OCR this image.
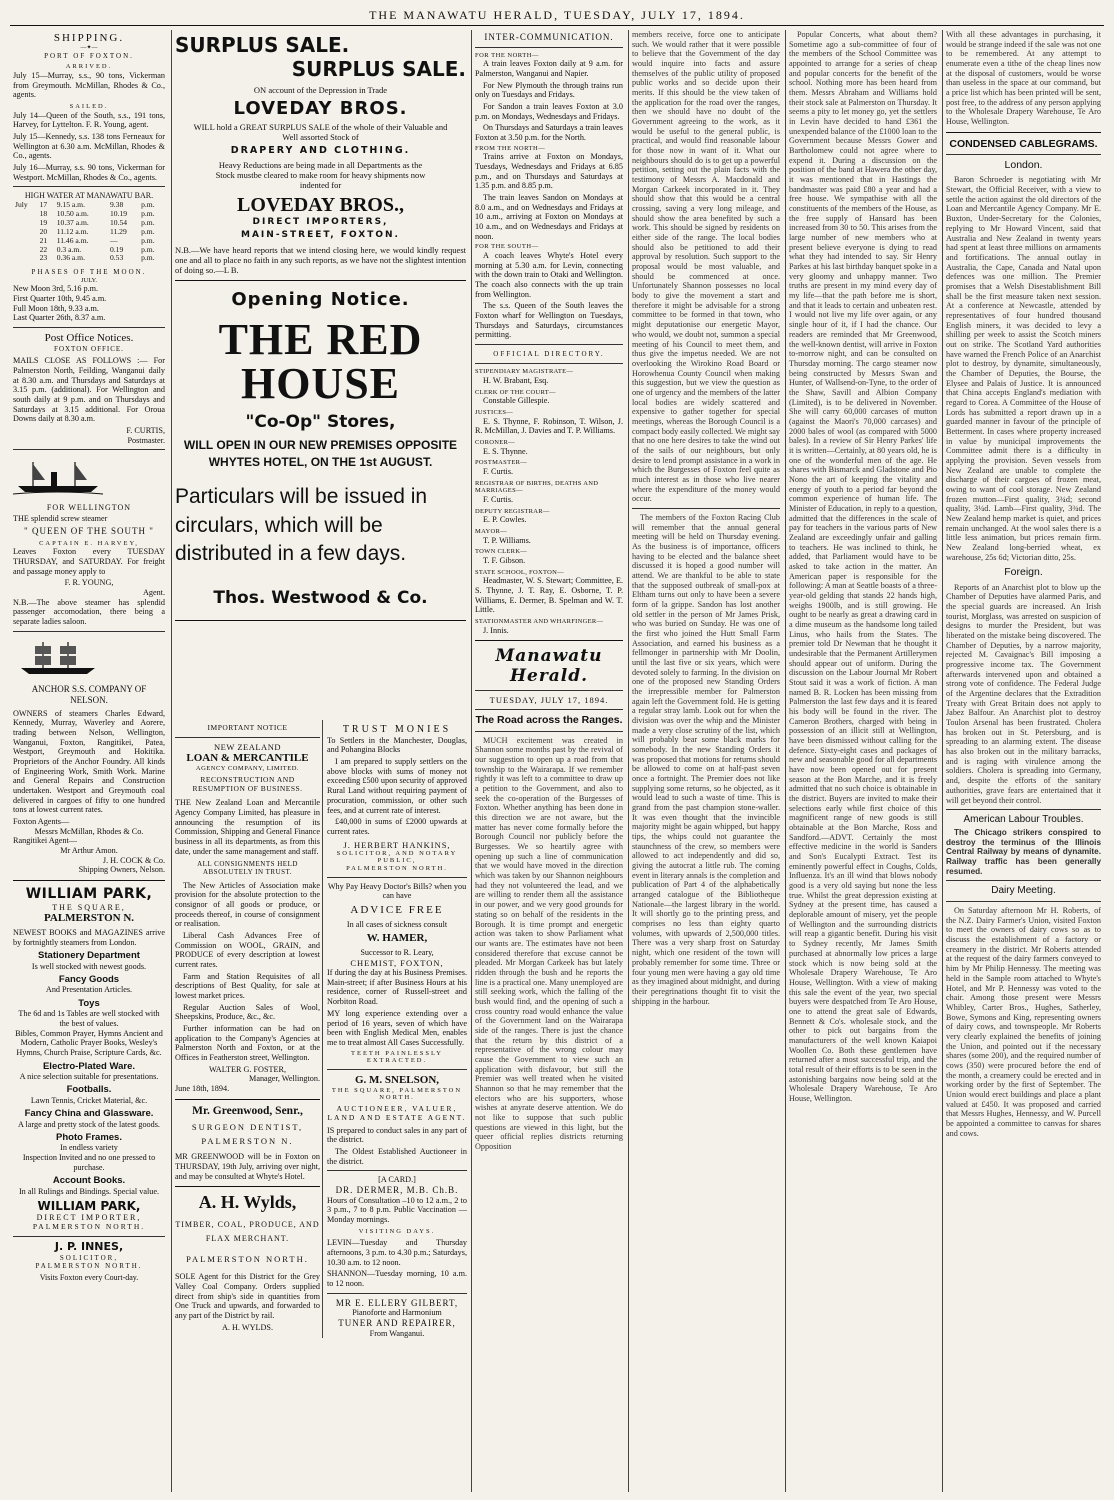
THE MANAWATU HERALD, TUESDAY, JULY 17, 1894.
SHIPPING.
—✦—
PORT OF FOXTON.
ARRIVED.

July 15—Murray, s.s., 90 tons, Vickerman from Greymouth. McMillan, Rhodes & Co., agents.

SAILED.

July 14—Queen of the South, s.s., 191 tons, Harvey, for Lyttelton. F. R. Young, agent.

July 15—Kennedy, s.s. 138 tons Ferneaux for Wellington at 6.30 a.m. McMillan, Rhodes & Co., agents.

July 16—Murray, s.s. 90 tons, Vickerman for Westport. McMillan, Rhodes & Co., agents.

HIGH WATER AT MANAWATU BAR.
July	17	9.15 a.m.	9.38	p.m.
	18	10.50 a.m.	10.19	p.m.
	19	10.37 a.m.	10.54	p.m.
	20	11.12 a.m.	11.29	p.m.
	21	11.46 a.m.	—	p.m.
	22	0.3 a.m.	0.19	p.m.
	23	0.36 a.m.	0.53	p.m.
PHASES OF THE MOON.
JULY.
New Moon 3rd, 5.16 p.m.
First Quarter 10th, 9.45 a.m.
Full Moon 18th, 9.33 a.m.
Last Quarter 26th, 8.37 a.m.
Post Office Notices.
FOXTON OFFICE.

MAILS CLOSE AS FOLLOWS :— For Palmerston North, Feilding, Wanganui daily at 8.30 a.m. and Thursdays and Saturdays at 3.15 p.m. (additional). For Wellington and south daily at 9 p.m. and on Thursdays and Saturdays at 3.15 additional. For Oroua Downs daily at 8.30 a.m.

F. CURTIS,
Postmaster.
FOR WELLINGTON

THE splendid screw steamer

" QUEEN OF THE SOUTH "
CAPTAIN E. HARVEY,

Leaves Foxton every TUESDAY THURSDAY, and SATURDAY. For freight and passage money apply to

F. R. YOUNG,
Agent.

N.B.—The above steamer has splendid passenger accomodation, there being a separate ladies saloon.

ANCHOR S.S. COMPANY OF NELSON.

OWNERS of steamers Charles Edward, Kennedy, Murray, Waverley and Aorere, trading between Nelson, Wellington, Wanganui, Foxton, Rangitikei, Patea, Westport, Greymouth and Hokitika. Proprietors of the Anchor Foundry. All kinds of Engineering Work, Smith Work. Marine and General Repairs and Construction undertaken. Westport and Greymouth coal delivered in cargoes of fifty to one hundred tons at lowest current rates.

Foxton Agents—
Messrs McMillan, Rhodes & Co.
Rangitikei Agent—
Mr Arthur Amon.
J. H. COCK & Co.
Shipping Owners, Nelson.
WILLIAM PARK,
THE SQUARE,
PALMERSTON N.

NEWEST BOOKS and MAGAZINES arrive by fortnightly steamers from London.

Stationery Department
Is well stocked with newest goods.
Fancy Goods
And Presentation Articles.
Toys
The 6d and 1s Tables are well stocked with the best of values.
Bibles, Common Prayer, Hymns Ancient and Modern, Catholic Prayer Books, Wesley's Hymns, Church Praise, Scripture Cards, &c.
Electro-Plated Ware.
A nice selection suitable for presentations.
Footballs.
Lawn Tennis, Cricket Material, &c.
Fancy China and Glassware.
A large and pretty stock of the latest goods.
Photo Frames.
In endless variety
Inspection Invited and no one pressed to purchase.
Account Books.
In all Rulings and Bindings. Special value.
WILLIAM PARK,
DIRECT IMPORTER,
PALMERSTON NORTH.
J. P. INNES,
SOLICITOR,
PALMERSTON NORTH.
Visits Foxton every Court-day.
SURPLUS SALE.
SURPLUS SALE.
ON account of the Depression in Trade
LOVEDAY BROS.
WILL hold a GREAT SURPLUS SALE of the whole of their Valuable and Well assorted Stock of
DRAPERY AND CLOTHING.
Heavy Reductions are being made in all Departments as the Stock mustbe cleared to make room for heavy shipments now indented for
LOVEDAY BROS.,
DIRECT IMPORTERS,
MAIN-STREET, FOXTON.
N.B.—We have heard reports that we intend closing here, we would kindly request one and all to place no faith in any such reports, as we have not the slightest intention of doing so.—L B.
Opening Notice.
THE RED HOUSE
"Co-Op" Stores,
WILL OPEN IN OUR NEW PREMISES OPPOSITE
WHYTES HOTEL, ON THE 1st AUGUST.
Particulars will be issued in circulars, which will be distributed in a few days.
Thos. Westwood & Co.
IMPORTANT NOTICE
NEW ZEALAND
LOAN & MERCANTILE
AGENCY COMPANY, LIMITED.
RECONSTRUCTION AND RESUMPTION OF BUSINESS.

THE New Zealand Loan and Mercantile Agency Company Limited, has pleasure in announcing the resumption of its Commission, Shipping and General Finance business in all its departments, as from this date, under the same management and staff.

ALL CONSIGNMENTS HELD ABSOLUTELY IN TRUST.

The New Articles of Association make provision for the absolute protection to the consignor of all goods or produce, or proceeds thereof, in course of consignment or realisation.

Liberal Cash Advances Free of Commission on WOOL, GRAIN, and PRODUCE of every description at lowest current rates.

Farm and Station Requisites of all descriptions of Best Quality, for sale at lowest market prices.

Regular Auction Sales of Wool, Sheepskins, Produce, &c., &c.

Further information can be had on application to the Company's Agencies at Palmerston North and Foxton, or at the Offices in Featherston street, Wellington.

WALTER G. FOSTER,
Manager, Wellington.
June 18th, 1894.
Mr. Greenwood, Senr.,
SURGEON DENTIST,
PALMERSTON N.

MR GREENWOOD will be in Foxton on THURSDAY, 19th July, arriving over night, and may be consulted at Whyte's Hotel.

A. H. Wylds,
TIMBER, COAL, PRODUCE, AND FLAX MERCHANT.
PALMERSTON NORTH.

SOLE Agent for this District for the Grey Valley Coal Company. Orders supplied direct from ship's side in quantities from One Truck and upwards, and forwarded to any part of the District by rail.

A. H. WYLDS.
TRUST MONIES

To Settlers in the Manchester, Douglas, and Pohangina Blocks

I am prepared to supply settlers on the above blocks with sums of money not exceeding £500 upon security of approved Rural Land without requiring payment of procuration, commission, or other such fees, and at current rate of interest.

£40,000 in sums of £2000 upwards at current rates.

J. HERBERT HANKINS,
SOLICITOR, AND NOTARY PUBLIC,
PALMERSTON NORTH.
Why Pay Heavy Doctor's Bills? when you can have
ADVICE FREE
In all cases of sickness consult
W. HAMER,
Successor to R. Leary,
CHEMIST, FOXTON,

If during the day at his Business Premises. Main-street; if after Business Hours at his residence, corner of Russell-street and Norbiton Road.

MY long experience extending over a period of 16 years, seven of which have been with English Medical Men, enables me to treat almost All Cases Successfully.

TEETH PAINLESSLY EXTRACTED.
G. M. SNELSON,
THE SQUARE, PALMERSTON NORTH.
AUCTIONEER, VALUER, LAND AND ESTATE AGENT.

IS prepared to conduct sales in any part of the district.

The Oldest Established Auctioneer in the district.

[A CARD.]
DR. DERMER, M.B. Ch.B.

Hours of Consultation –10 to 12 a.m., 2 to 3 p.m., 7 to 8 p.m. Public Vaccination — Monday mornings.

VISITING DAYS.

LEVIN—Tuesday and Thursday afternoons, 3 p.m. to 4.30 p.m.; Saturdays, 10.30 a.m. to 12 noon.

SHANNON—Tuesday morning, 10 a.m. to 12 noon.

MR E. ELLERY GILBERT,
Pianoforte and Harmonium
TUNER AND REPAIRER,
From Wanganui.
INTER-COMMUNICATION.
FOR THE NORTH—

A train leaves Foxton daily at 9 a.m. for Palmerston, Wanganui and Napier.

For New Plymouth the through trains run only on Tuesdays and Fridays.

For Sandon a train leaves Foxton at 3.0 p.m. on Mondays, Wednesdays and Fridays.

On Thursdays and Saturdays a train leaves Foxton at 3.50 p.m. for the North.

FROM THE NORTH—

Trains arrive at Foxton on Mondays, Tuesdays, Wednesdays and Fridays at 6.85 p.m., and on Thursdays and Saturdays at 1.35 p.m. and 8.85 p.m.

The train leaves Sandon on Mondays at 8.0 a.m., and on Wednesdays and Fridays at 10 a.m., arriving at Foxton on Mondays at 10 a.m., and on Wednesdays and Fridays at noon.

FOR THE SOUTH—

A coach leaves Whyte's Hotel every morning at 5.30 a.m. for Levin, connecting with the down train to Otaki and Wellington. The coach also connects with the up train from Wellington.

The s.s. Queen of the South leaves the Foxton wharf for Wellington on Tuesdays, Thursdays and Saturdays, circumstances permitting.

OFFICIAL DIRECTORY.
STIPENDIARY MAGISTRATE—

H. W. Brabant, Esq.

CLERK OF THE COURT—

Constable Gillespie.

JUSTICES—

E. S. Thynne, F. Robinson, T. Wilson, J. R. McMillan, J. Davies and T. P. Williams.

CORONER—

E. S. Thynne.

POSTMASTER—

F. Curtis.

REGISTRAR OF BIRTHS, DEATHS AND MARRIAGES—

F. Curtis.

DEPUTY REGISTRAR—

E. P. Cowles.

MAYOR—

T. P. Williams.

TOWN CLERK—

T. F. Gibson.

STATE SCHOOL, FOXTON—

Headmaster, W. S. Stewart; Committee, E. S. Thynne, J. T. Ray, E. Osborne, T. P. Williams, E. Dermer, B. Spelman and W. T. Little.

STATIONMASTER AND WHARFINGER—

J. Innis.

Manawatu Herald.
TUESDAY, JULY 17, 1894.
The Road across the Ranges.

MUCH excitement was created in Shannon some months past by the revival of our suggestion to open up a road from that township to the Wairarapa. If we remember rightly it was left to a committee to draw up a petition to the Government, and also to seek the co-operation of the Burgesses of Foxton. Whether anything has been done in this direction we are not aware, but the matter has never come formally before the Borough Council nor publicly before the Burgesses. We so heartily agree with opening up such a line of communication that we would have moved in the direction which was taken by our Shannon neighbours had they not volunteered the lead, and we are willing to render them all the assistance in our power, and we very good grounds for stating so on behalf of the residents in the Borough. It is time prompt and energetic action was taken to show Parliament what our wants are. The estimates have not been considered therefore that excuse cannot be pleaded. Mr Morgan Carkeek has but lately ridden through the bush and he reports the line is a practical one. Many unemployed are still seeking work, which the falling of the bush would find, and the opening of such a cross country road would enhance the value of the Government land on the Wairarapa side of the ranges. There is just the chance that the return by this district of a representative of the wrong colour may cause the Government to view such an application with disfavour, but still the Premier was well treated when he visited Shannon so that he may remember that the electors who are his supporters, whose wishes at anyrate deserve attention. We do not like to suppose that such public questions are viewed in this light, but the queer official replies districts returning Opposition

members receive, force one to anticipate such. We would rather that it were possible to believe that the Government of the day would inquire into facts and assure themselves of the public utility of proposed public works and so decide upon their merits. If this should be the view taken of the application for the road over the ranges, then we should have no doubt of the Government agreeing to the work, as it would be useful to the general public, is practical, and would find reasonable labour for those now in want of it. What our neighbours should do is to get up a powerful petition, setting out the plain facts with the testimony of Messrs A. Macdonald and Morgan Carkeek incorporated in it. They should show that this would be a central crossing, saving a very long mileage, and should show the area benefited by such a work. This should be signed by residents on either side of the range. The local bodies should also be petitioned to add their approval by resolution. Such support to the proposal would be most valuable, and should be commenced at once. Unfortunately Shannon possesses no local body to give the movement a start and therefore it might be advisable for a strong committee to be formed in that town, who might deputationise our energetic Mayor, who would, we doubt not, summon a special meeting of his Council to meet them, and thus give the impetus needed. We are not overlooking the Wirokino Road Board or Horowhenua County Council when making this suggestion, but we view the question as one of urgency and the members of the latter local bodies are widely scattered and expensive to gather together for special meetings, whereas the Borough Council is a compact body easily collected. We might say that no one here desires to take the wind out of the sails of our neighbours, but only desire to lend prompt assistance in a work in which the Burgesses of Foxton feel quite as much interest as in those who live nearer where the expenditure of the money would occur.

The members of the Foxton Racing Club will remember that the annual general meeting will be held on Thursday evening. As the business is of importance, officers having to be elected and the balance sheet discussed it is hoped a good number will attend. We are thankful to be able to state that the supposed outbreak of small-pox at Eltham turns out only to have been a severe form of la grippe. Sandon has lost another old settler in the person of Mr James Prisk, who was buried on Sunday. He was one of the first who joined the Hutt Small Farm Association, and earned his business as a fellmonger in partnership with Mr Doolin, until the last five or six years, which were devoted solely to farming. In the division on one of the proposed new Standing Orders the irrepressible member for Palmerston again left the Government fold. He is getting a regular stray lamb. Look out for when the division was over the whip and the Minister made a very close scrutiny of the list, which will probably bear some black marks for somebody. In the new Standing Orders it was proposed that motions for returns should be allowed to come on at half-past seven once a fortnight. The Premier does not like supplying some returns, so he objected, as it would lead to such a waste of time. This is grand from the past champion stone-waller. It was even thought that the invincible majority might be again whipped, but happy tips, the whips could not guarantee the staunchness of the crew, so members were allowed to act independently and did so, giving the autocrat a little rub. The coming event in literary annals is the completion and publication of Part 4 of the alphabetically arranged catalogue of the Bibliotheque Nationale—the largest library in the world. It will shortly go to the printing press, and comprises no less than eighty quarto volumes, with upwards of 2,500,000 titles. There was a very sharp frost on Saturday night, which one resident of the town will probably remember for some time. Three or four young men were having a gay old time as they imagined about midnight, and during their peregrinations thought fit to visit the shipping in the harbour.

Popular Concerts, what about them? Sometime ago a sub-committee of four of the members of the School Committee was appointed to arrange for a series of cheap and popular concerts for the benefit of the school. Nothing more has been heard from them. Messrs Abraham and Williams hold their stock sale at Palmerston on Thursday. It seems a pity to let money go, yet the settlers in Levin have decided to hand £361 the unexpended balance of the £1000 loan to the Government because Messrs Gower and Bartholomew could not agree where to expend it. During a discussion on the position of the band at Hawera the other day, it was mentioned that in Hastings the bandmaster was paid £80 a year and had a free house. We sympathise with all the constituents of the members of the House, as the free supply of Hansard has been increased from 30 to 50. This arises from the large number of new members who at present believe everyone is dying to read what they had intended to say. Sir Henry Parkes at his last birthday banquet spoke in a very gloomy and unhappy manner. Two truths are present in my mind every day of my life—that the path before me is short, and that it leads to certain and unbeaten rest. I would not live my life over again, or any single hour of it, if I had the chance. Our readers are reminded that Mr Greenwood, the well-known dentist, will arrive in Foxton to-morrow night, and can be consulted on Thursday morning. The cargo steamer now being constructed by Messrs Swan and Hunter, of Wallsend-on-Tyne, to the order of the Shaw, Savill and Albion Company (Limited), is to be delivered in November. She will carry 60,000 carcases of mutton (against the Maori's 70,000 carcases) and 2000 bales of wool (as compared with 5000 bales). In a review of Sir Henry Parkes' life it is written—Certainly, at 80 years old, he is one of the wonderful men of the age. He shares with Bismarck and Gladstone and Pio Nono the art of keeping the vitality and energy of youth to a period far beyond the common experience of human life. The Minister of Education, in reply to a question, admitted that the differences in the scale of pay for teachers in the various parts of New Zealand are exceedingly unfair and galling to teachers. He was inclined to think, he added, that Parliament would have to be asked to take action in the matter. An American paper is responsible for the following: A man at Seattle boasts of a three-year-old gelding that stands 22 hands high, weighs 1900lb, and is still growing. He ought to be nearly as great a drawing card in a dime museum as the handsome long tailed Linus, who hails from the States. The premier told Dr Newman that he thought it undesirable that the Permanent Artillerymen should appear out of uniform. During the discussion on the Labour Journal Mr Robert Stout said it was a work of fiction. A man named B. R. Locken has been missing from Palmerston the last few days and it is feared his body will be found in the river. The Cameron Brothers, charged with being in possession of an illicit still at Wellington, have been dismissed without calling for the defence. Sixty-eight cases and packages of new and seasonable good for all departments have now been opened out for present season at the Bon Marche, and it is freely admitted that no such choice is obtainable in the district. Buyers are invited to make their selections early while first choice of this magnificent range of new goods is still obtainable at the Bon Marche, Ross and Sandford.—ADVT. Certainly the most effective medicine in the world is Sanders and Son's Eucalypti Extract. Test its eminently powerful effect in Coughs, Colds, Influenza. It's an ill wind that blows nobody good is a very old saying but none the less true. Whilst the great depression existing at Sydney at the present time, has caused a deplorable amount of misery, yet the people of Wellington and the surrounding districts will reap a gigantic benefit. During his visit to Sydney recently, Mr James Smith purchased at abnormally low prices a large stock which is now being sold at the Wholesale Drapery Warehouse, Te Aro House, Wellington. With a view of making this sale the event of the year, two special buyers were despatched from Te Aro House, one to attend the great sale of Edwards, Bennett & Co's. wholesale stock, and the other to pick out bargains from the manufacturers of the well known Kaiapoi Woollen Co. Both these gentlemen have returned after a most successful trip, and the total result of their efforts is to be seen in the astonishing bargains now being sold at the Wholesale Drapery Warehouse, Te Aro House, Wellington.

With all these advantages in purchasing, it would be strange indeed if the sale was not one to be remembered. At any attempt to enumerate even a tithe of the cheap lines now at the disposal of customers, would be worse than useless in the space at our command, but a price list which has been printed will be sent, post free, to the address of any person applying to the Wholesale Drapery Warehouse, Te Aro House, Wellington.

CONDENSED CABLEGRAMS.
London.

Baron Schroeder is negotiating with Mr Stewart, the Official Receiver, with a view to settle the action against the old directors of the Loan and Mercantile Agency Company. Mr E. Buxton, Under-Secretary for the Colonies, replying to Mr Howard Vincent, said that Australia and New Zealand in twenty years had spent at least three millions on armaments and fortifications. The annual outlay in Australia, the Cape, Canada and Natal upon defences was one million. The Premier promises that a Welsh Disestablishment Bill shall be the first measure taken next session. At a conference at Newcastle, attended by representatives of four hundred thousand English miners, it was decided to levy a shilling per week to assist the Scotch miners out on strike. The Scotland Yard authorities have warned the French Police of an Anarchist plot to destroy, by dynamite, simultaneously, the Chamber of Deputies, the Bourse, the Elysee and Palais of Justice. It is announced that China accepts England's mediation with regard to Corea. A Committee of the House of Lords has submitted a report drawn up in a guarded manner in favour of the principle of Betterment. In cases where property increased in value by municipal improvements the Committee admit there is a difficulty in applying the provision. Seven vessels from New Zealand are unable to complete the discharge of their cargoes of frozen meat, owing to want of cool storage. New Zealand frozen mutton—First quality, 3¾d; second quality, 3¼d. Lamb—First quality, 3¾d. The New Zealand hemp market is quiet, and prices remain unchanged. At the wool sales there is a little less animation, but prices remain firm. New Zealand long-berried wheat, ex warehouse, 25s 6d; Victorian ditto, 25s.

Foreign.

Reports of an Anarchist plot to blow up the Chamber of Deputies have alarmed Paris, and the special guards are increased. An Irish tourist, Morglass, was arrested on suspicion of designs to murder the President, but was liberated on the mistake being discovered. The Chamber of Deputies, by a narrow majority, rejected M. Cavaignac's Bill imposing a progressive income tax. The Government afterwards intervened upon and obtained a strong vote of confidence. The Federal Judge of the Argentine declares that the Extradition Treaty with Great Britain does not apply to Jabez Balfour. An Anarchist plot to destroy Toulon Arsenal has been frustrated. Cholera has broken out in St. Petersburg, and is spreading to an alarming extent. The disease has also broken out in the military barracks, and is raging with virulence among the soldiers. Cholera is spreading into Germany, and, despite the efforts of the sanitary authorities, grave fears are entertained that it will get beyond their control.

American Labour Troubles.

The Chicago strikers conspired to destroy the terminus of the Illinois Central Railway by means of dynamite. Railway traffic has been generally resumed.

Dairy Meeting.

On Saturday afternoon Mr H. Roberts, of the N.Z. Dairy Farmer's Union, visited Foxton to meet the owners of dairy cows so as to discuss the establishment of a factory or creamery in the district. Mr Roberts attended at the request of the dairy farmers conveyed to him by Mr Philip Hennessy. The meeting was held in the Sample room attached to Whyte's Hotel, and Mr P. Hennessy was voted to the chair. Among those present were Messrs Whibley, Carter Bros., Hughes, Satherley, Bowe, Symons and King, representing owners of dairy cows, and townspeople. Mr Roberts very clearly explained the benefits of joining the Union, and pointed out if the necessary shares (some 200), and the required number of cows (350) were procured before the end of the month, a creamery could be erected and in working order by the first of September. The Union would erect buildings and place a plant valued at £450. It was proposed and carried that Messrs Hughes, Hennessy, and W. Purcell be appointed a committee to canvas for shares and cows.
